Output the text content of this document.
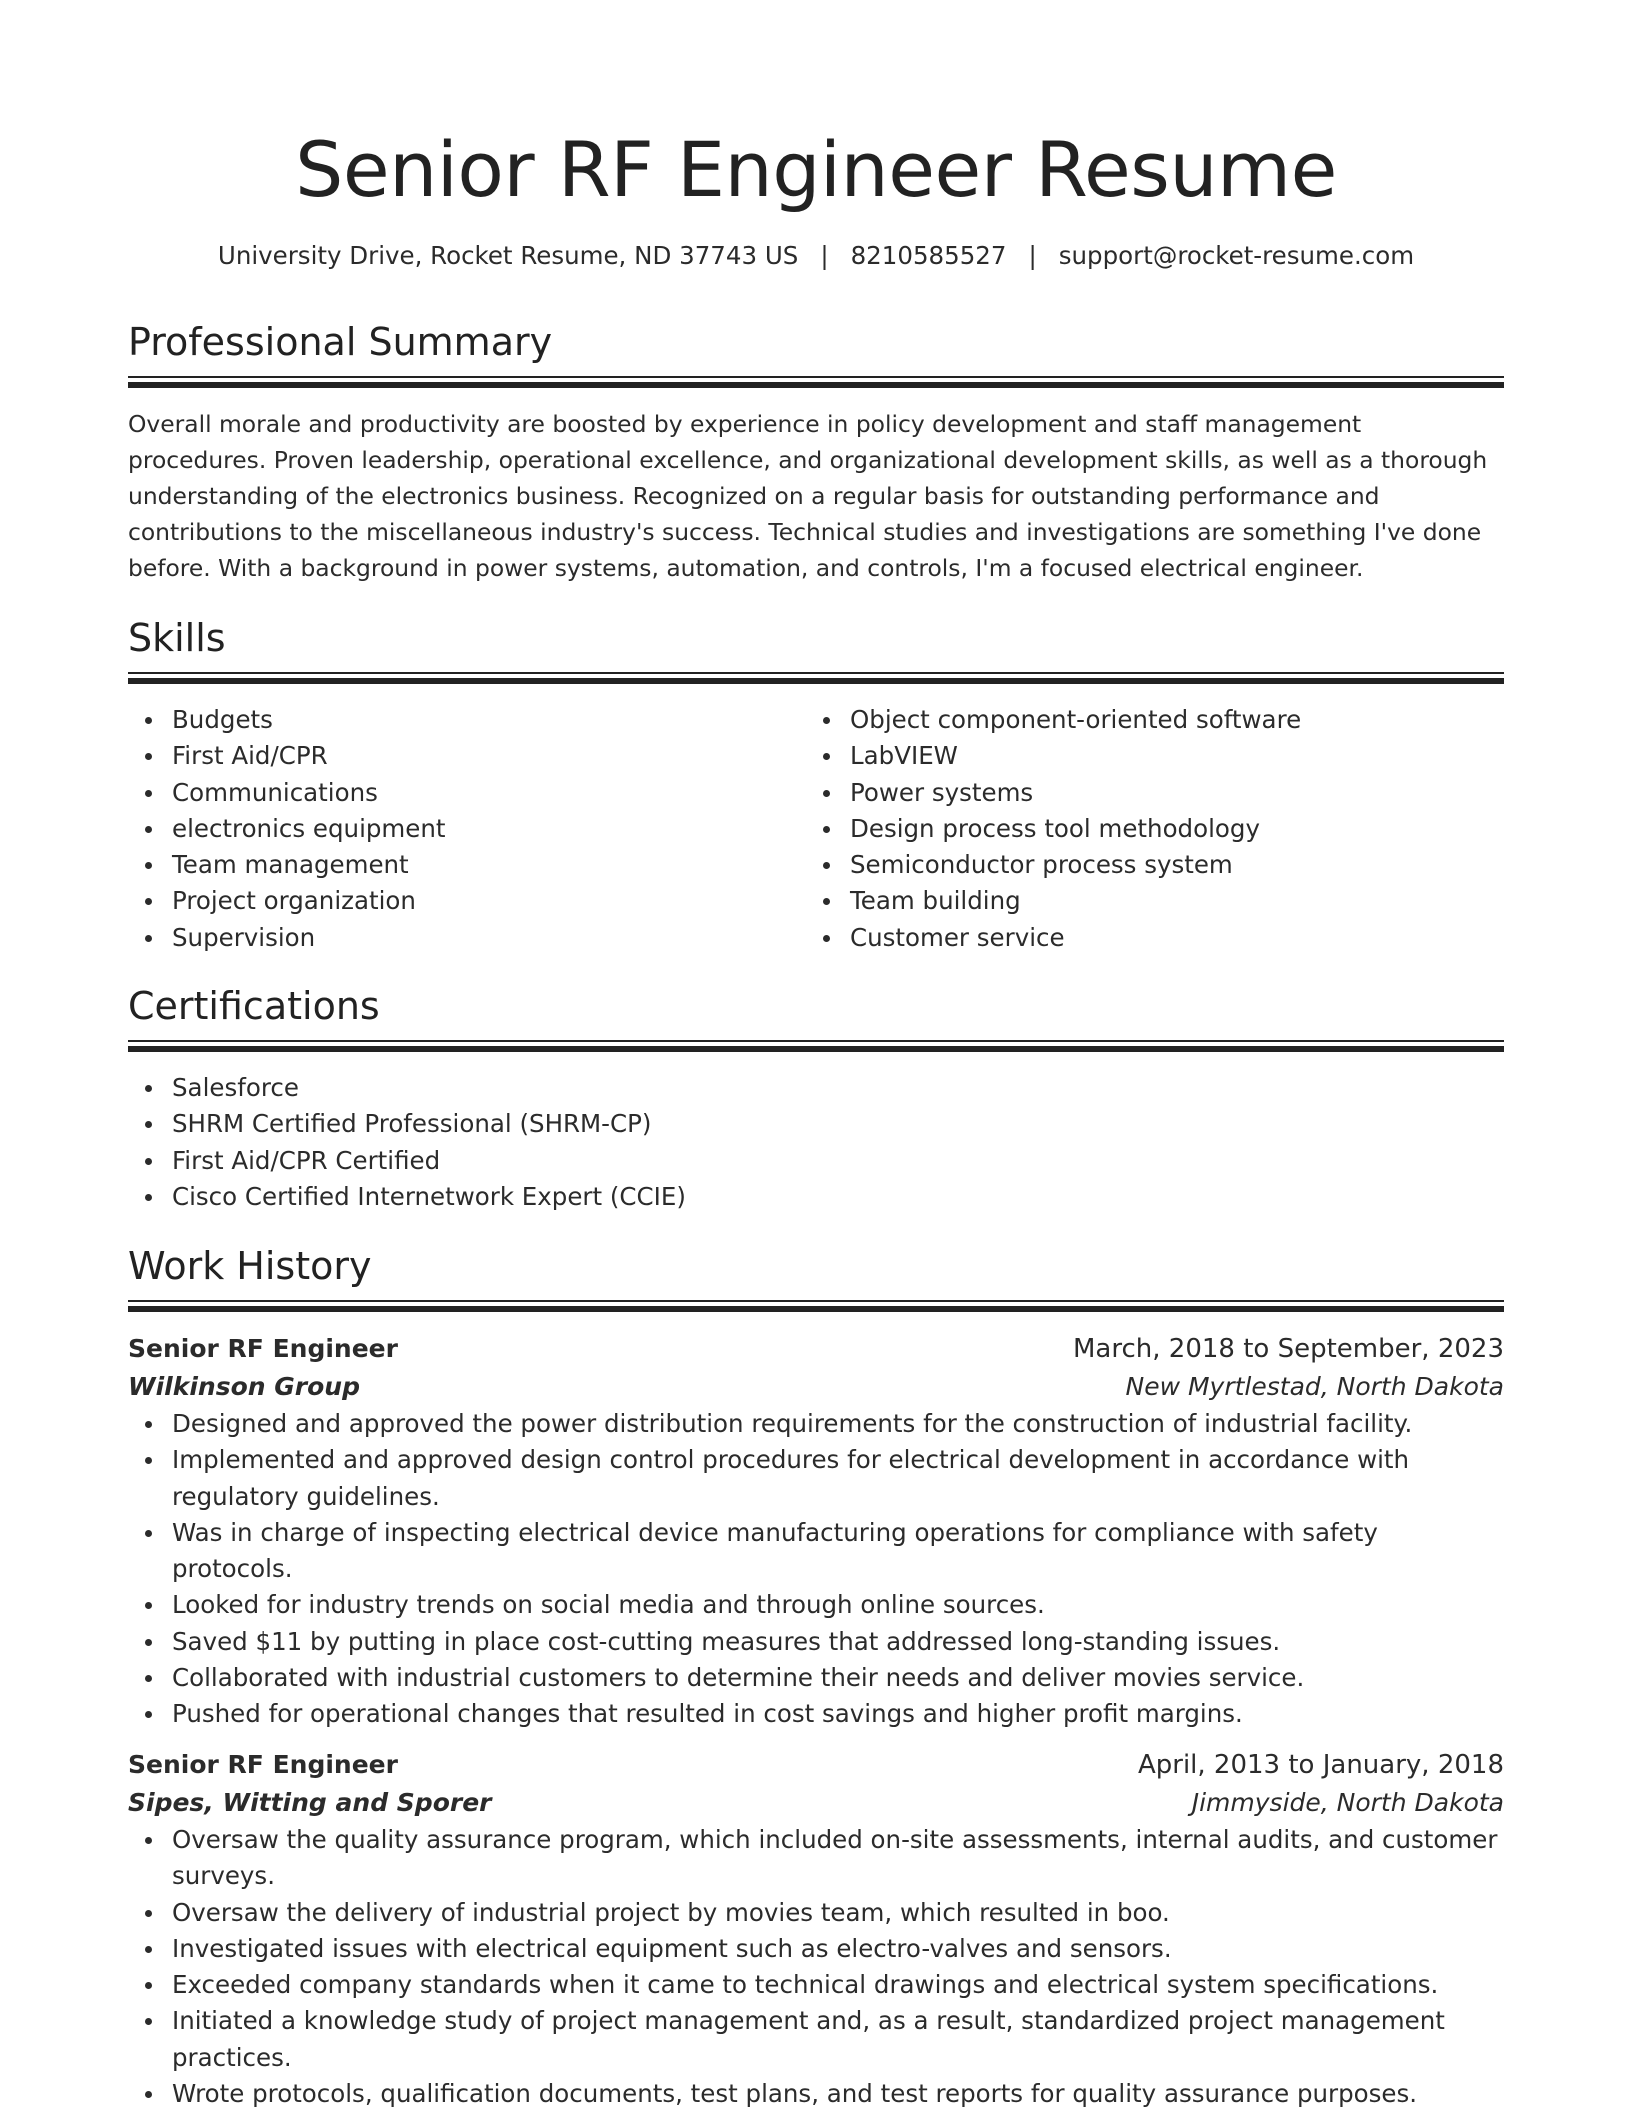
Senior RF Engineer Resume
University Drive, Rocket Resume, ND 37743 US | 8210585527 | support@rocket-resume.com
Professional Summary

Overall morale and productivity are boosted by experience in policy development and staff management procedures. Proven leadership, operational excellence, and organizational development skills, as well as a thorough understanding of the electronics business. Recognized on a regular basis for outstanding performance and contributions to the miscellaneous industry's success. Technical studies and investigations are something I've done before. With a background in power systems, automation, and controls, I'm a focused electrical engineer.

Skills
Budgets
First Aid/CPR
Communications
electronics equipment
Team management
Project organization
Supervision
Object component-oriented software
LabVIEW
Power systems
Design process tool methodology
Semiconductor process system
Team building
Customer service
Certifications
Salesforce
SHRM Certified Professional (SHRM-CP)
First Aid/CPR Certified
Cisco Certified Internetwork Expert (CCIE)
Work History
Senior RF Engineer	March, 2018 to September, 2023
Wilkinson Group	New Myrtlestad, North Dakota
Designed and approved the power distribution requirements for the construction of industrial facility.
Implemented and approved design control procedures for electrical development in accordance with regulatory guidelines.
Was in charge of inspecting electrical device manufacturing operations for compliance with safety protocols.
Looked for industry trends on social media and through online sources.
Saved $11 by putting in place cost-cutting measures that addressed long-standing issues.
Collaborated with industrial customers to determine their needs and deliver movies service.
Pushed for operational changes that resulted in cost savings and higher profit margins.
Senior RF Engineer	April, 2013 to January, 2018
Sipes, Witting and Sporer	Jimmyside, North Dakota
Oversaw the quality assurance program, which included on-site assessments, internal audits, and customer surveys.
Oversaw the delivery of industrial project by movies team, which resulted in boo.
Investigated issues with electrical equipment such as electro-valves and sensors.
Exceeded company standards when it came to technical drawings and electrical system specifications.
Initiated a knowledge study of project management and, as a result, standardized project management practices.
Wrote protocols, qualification documents, test plans, and test reports for quality assurance purposes.
